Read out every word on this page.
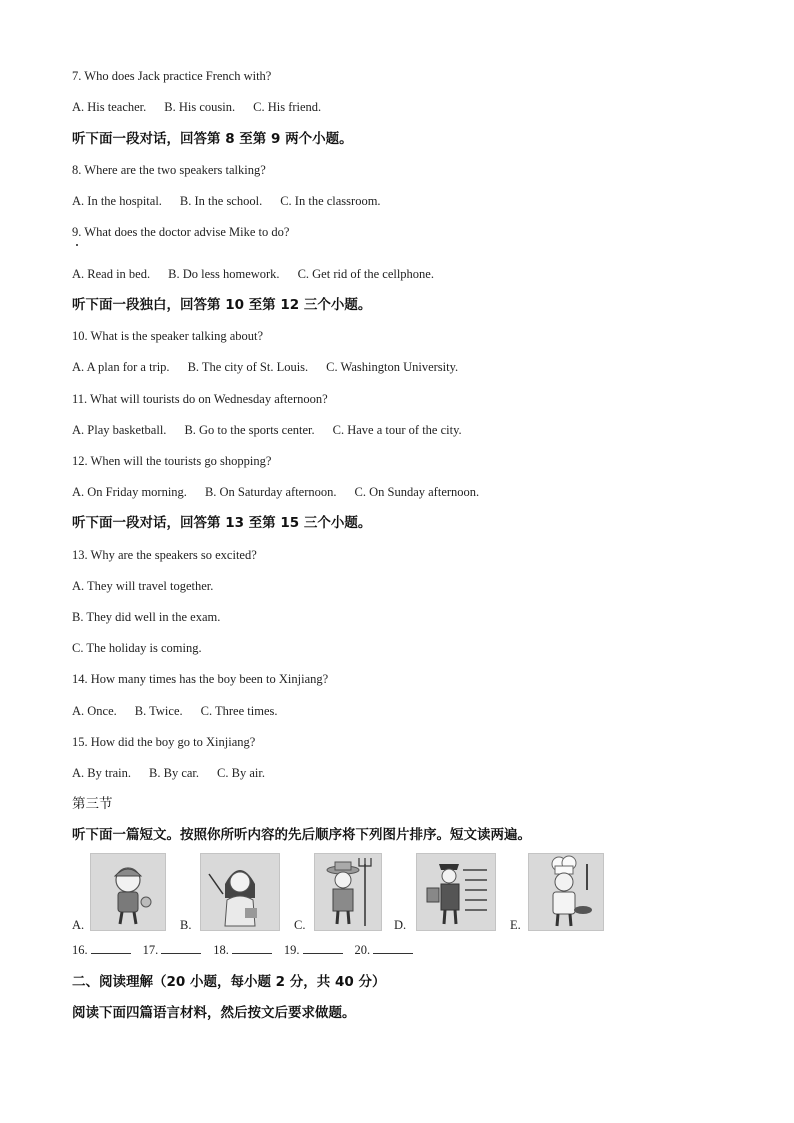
7. Who does Jack practice French with?
A. His teacher. B. His cousin. C. His friend.
听下面一段对话，回答第 8 至第 9 两个小题。
8. Where are the two speakers talking?
A. In the hospital. B. In the school. C. In the classroom.
9. What does the doctor advise Mike to do?
A. Read in bed. B. Do less homework. C. Get rid of the cellphone.
听下面一段独白，回答第 10 至第 12 三个小题。
10. What is the speaker talking about?
A. A plan for a trip. B. The city of St. Louis. C. Washington University.
11. What will tourists do on Wednesday afternoon?
A. Play basketball. B. Go to the sports center. C. Have a tour of the city.
12. When will the tourists go shopping?
A. On Friday morning. B. On Saturday afternoon. C. On Sunday afternoon.
听下面一段对话，回答第 13 至第 15 三个小题。
13. Why are the speakers so excited?
A. They will travel together.
B. They did well in the exam.
C. The holiday is coming.
14. How many times has the boy been to Xinjiang?
A. Once. B. Twice. C. Three times.
15. How did the boy go to Xinjiang?
A. By train. B. By car. C. By air.
第三节
听下面一篇短文。按照你所听内容的先后顺序将下列图片排序。短文读两遍。
A.	B.	C.	D.	E.
16.	17.	18.	19.	20.
二、阅读理解（20 小题，每小题 2 分，共 40 分）
阅读下面四篇语言材料，然后按文后要求做题。
